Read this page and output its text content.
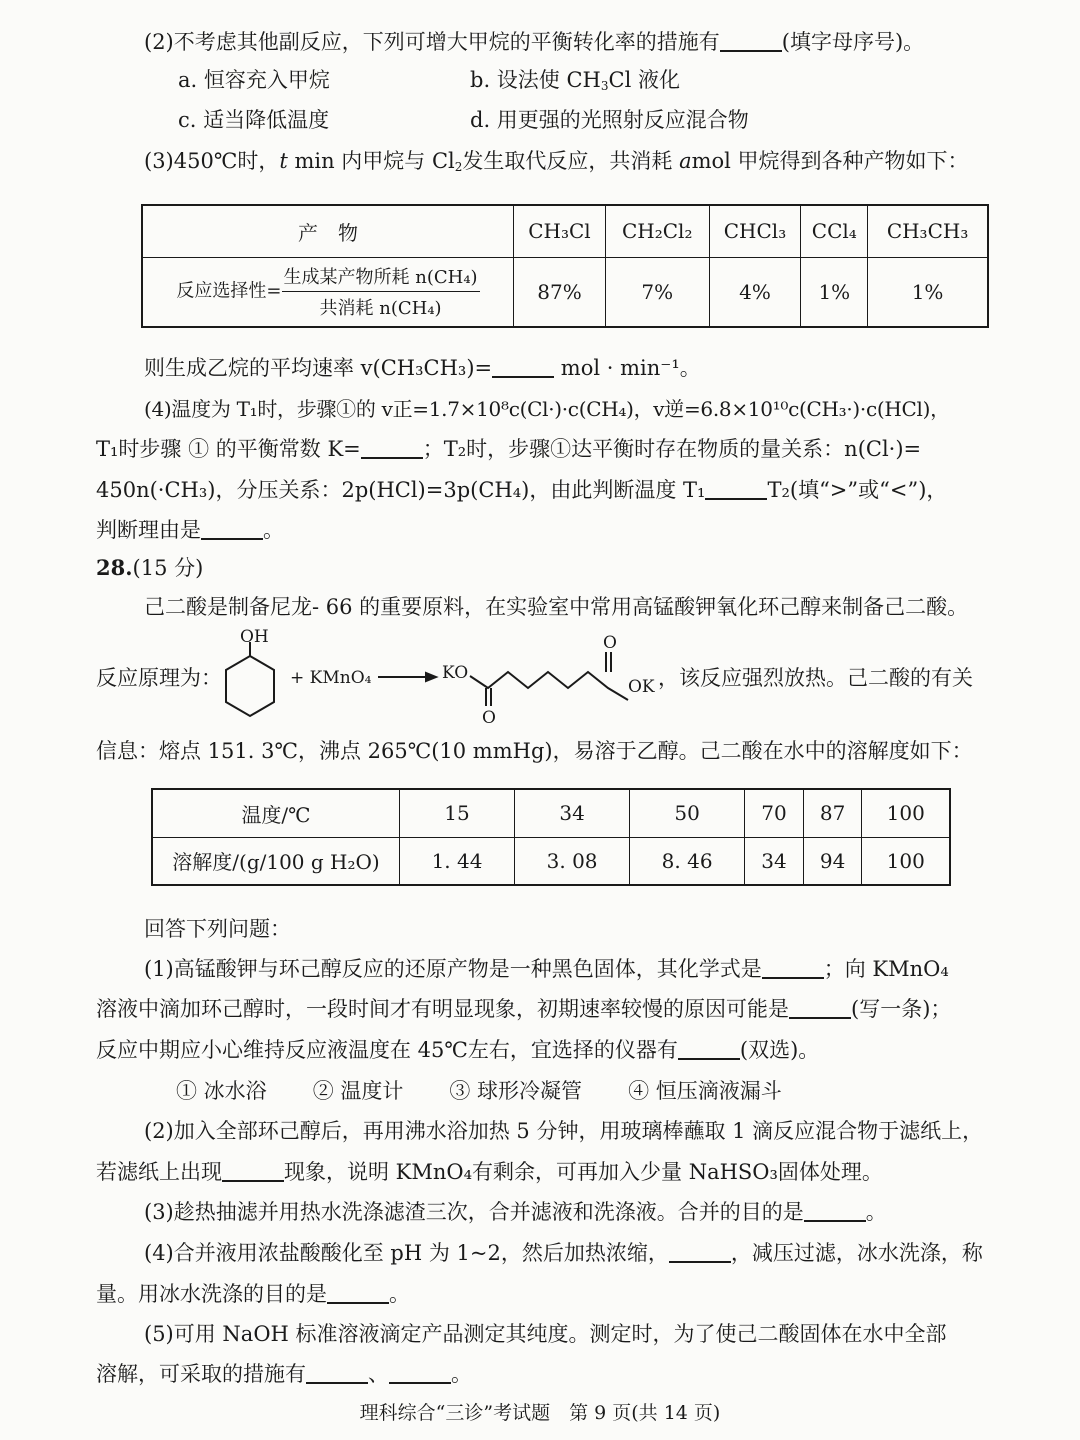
(2)不考虑其他副反应，下列可增大甲烷的平衡转化率的措施有	(填字母序号)。
a. 恒容充入甲烷	b. 设法使 $CH_3Cl$ 液化
c. 适当降低温度	d. 用更强的光照射反应混合物
(3)450℃时，t min 内甲烷与 $Cl_2$发生取代反应，共消耗 amol 甲烷得到各种产物如下：
产　物	CH₃Cl	CH₂Cl₂	CHCl₃	CCl₄	CH₃CH₃
反应选择性= $\frac{\text{生成某产物所耗 n(CH₄)}}{\text{共消耗 n(CH₄)}}$	87%	7%	4%	1%	1%
则生成乙烷的平均速率 v(CH₃CH₃)=	mol · min⁻¹。
(4)温度为 T₁时，步骤①的 v正=1.7×10⁸c(Cl·)·c(CH₄)，v逆=6.8×10¹⁰c(CH₃·)·c(HCl)，
T₁时步骤 ① 的平衡常数 K=	；T₂时，步骤①达平衡时存在物质的量关系：n(Cl·)=
450n(·CH₃)，分压关系：2p(HCl)=3p(CH₄)，由此判断温度 T₁	T₂(填“>”或“<”)，
判断理由是	。
28.(15 分)
己二酸是制备尼龙- 66 的重要原料，在实验室中常用高锰酸钾氧化环己醇来制备己二酸。
反应原理为：
OH
+ KMnO₄	KO
O
O
OK ，该反应强烈放热。己二酸的有关
信息：熔点 151. 3℃，沸点 265℃(10 mmHg)，易溶于乙醇。己二酸在水中的溶解度如下：
温度/℃	15	34	50	70	87	100
溶解度/(g/100 g H₂O)	1. 44	3. 08	8. 46	34	94	100
回答下列问题：
(1)高锰酸钾与环己醇反应的还原产物是一种黑色固体，其化学式是	；向 KMnO₄
溶液中滴加环己醇时，一段时间才有明显现象，初期速率较慢的原因可能是	(写一条)；
反应中期应小心维持反应液温度在 45℃左右，宜选择的仪器有	(双选)。
① 冰水浴 ② 温度计 ③ 球形冷凝管 ④ 恒压滴液漏斗
(2)加入全部环己醇后，再用沸水浴加热 5 分钟，用玻璃棒蘸取 1 滴反应混合物于滤纸上，
若滤纸上出现	现象，说明 KMnO₄有剩余，可再加入少量 NaHSO₃固体处理。
(3)趁热抽滤并用热水洗涤滤渣三次，合并滤液和洗涤液。合并的目的是	。
(4)合并液用浓盐酸酸化至 pH 为 1~2，然后加热浓缩，	，减压过滤，冰水洗涤，称
量。用冰水洗涤的目的是	。
(5)可用 NaOH 标准溶液滴定产品测定其纯度。测定时，为了使己二酸固体在水中全部
溶解，可采取的措施有	、	。
理科综合“三诊”考试题　第 9 页(共 14 页)
